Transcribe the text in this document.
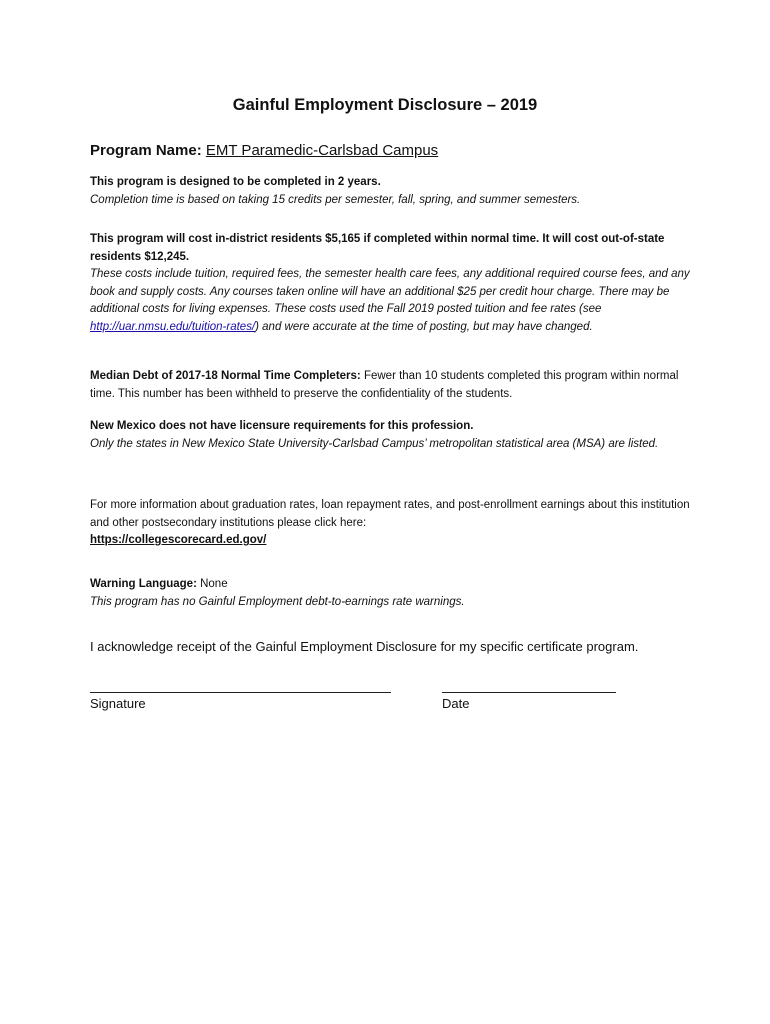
Gainful Employment Disclosure – 2019
Program Name: EMT Paramedic-Carlsbad Campus
This program is designed to be completed in 2 years.
Completion time is based on taking 15 credits per semester, fall, spring, and summer semesters.
This program will cost in-district residents $5,165 if completed within normal time. It will cost out-of-state residents $12,245.
These costs include tuition, required fees, the semester health care fees, any additional required course fees, and any book and supply costs. Any courses taken online will have an additional $25 per credit hour charge. There may be additional costs for living expenses. These costs used the Fall 2019 posted tuition and fee rates (see http://uar.nmsu.edu/tuition-rates/) and were accurate at the time of posting, but may have changed.
Median Debt of 2017-18 Normal Time Completers: Fewer than 10 students completed this program within normal time. This number has been withheld to preserve the confidentiality of the students.
New Mexico does not have licensure requirements for this profession.
Only the states in New Mexico State University-Carlsbad Campus’ metropolitan statistical area (MSA) are listed.
For more information about graduation rates, loan repayment rates, and post-enrollment earnings about this institution and other postsecondary institutions please click here:
https://collegescorecard.ed.gov/
Warning Language: None
This program has no Gainful Employment debt-to-earnings rate warnings.
I acknowledge receipt of the Gainful Employment Disclosure for my specific certificate program.
Signature	Date
